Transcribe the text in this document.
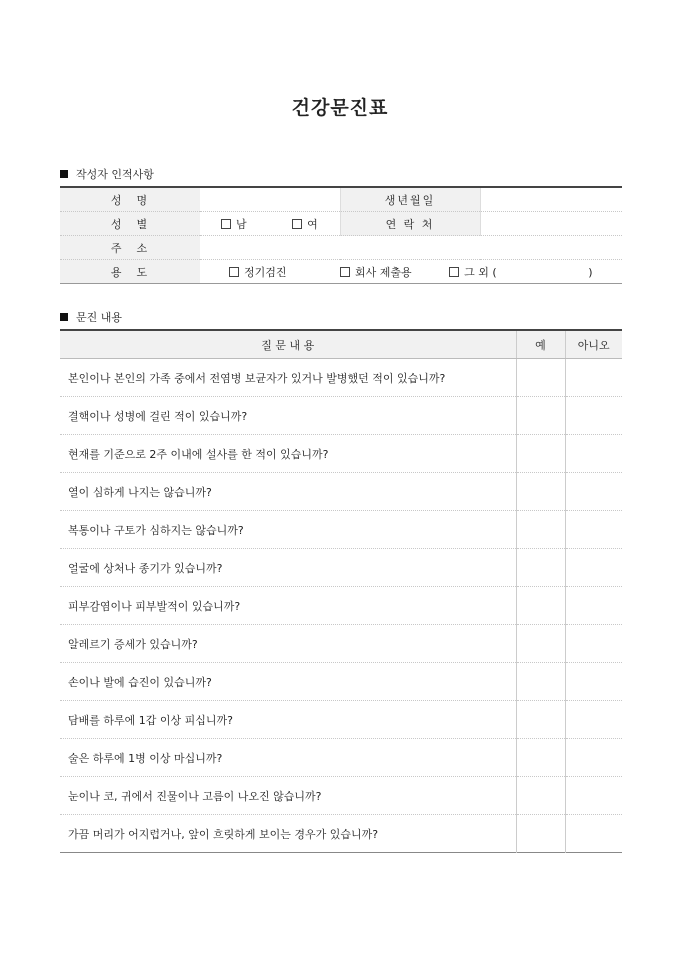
건강문진표
작성자 인적사항
성　명		생년월일	
성　별	남 여	연 락 처	
주　소			
용　도	정기검진 회사 제출용 그 외 ( )		
문진 내용
질 문 내 용	예	아니오
본인이나 본인의 가족 중에서 전염병 보균자가 있거나 발병했던 적이 있습니까?		
결핵이나 성병에 걸린 적이 있습니까?		
현재를 기준으로 2주 이내에 설사를 한 적이 있습니까?		
열이 심하게 나지는 않습니까?		
복통이나 구토가 심하지는 않습니까?		
얼굴에 상처나 종기가 있습니까?		
피부감염이나 피부발적이 있습니까?		
알레르기 증세가 있습니까?		
손이나 발에 습진이 있습니까?		
담배를 하루에 1갑 이상 피십니까?		
술은 하루에 1병 이상 마십니까?		
눈이나 코, 귀에서 진물이나 고름이 나오진 않습니까?		
가끔 머리가 어지럽거나, 앞이 흐릿하게 보이는 경우가 있습니까?		
